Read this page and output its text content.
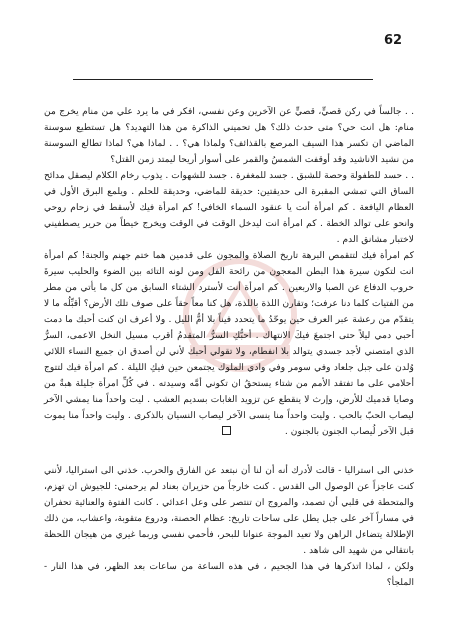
62

. . جالساً في ركن قصيٍّ، قصيٍّ عن الآخرين وعن نفسي، افكر في ما يرد علي من منام يخرج من منام: هل انت حي؟ متى حدث ذلك؟ هل تحميني الذاكرة من هذا التهديد؟ هل تستطيع سوسنة الماضي ان تكسر هذا السيف المرصع بالقذائف؟ ولماذا هي؟ . . لماذا هي؟ لماذا تطالع السوسنة من نشيد الاناشيد وقد أوقفت الشمسُ والقمر على أسوار أريحا ليمتد زمن القتل؟

. . حسد للطفولة وحصة للشبق . جسد للمغفرة . جسد للشهوات . يذوب رخام الكلام ليصقل مدائح الساق التي تمشي المقبرة الى حديقتين: حديقة للماضي، وحديقة للحلم . ويلمع البرق الأول في العظام اليافعة . كم امرأة أنت يا عنقود السماء الخافي! كم امرأة فيك لأسقط في زحام روحي وانحو على توالد الخطة . كم امرأة انت ليدخل الوقت في الوقت ويخرج خيطاً من حرير يصطفيني لاختبار مشانق الدم .

كم امرأة فيك لتتقمص البرهة تاريخ الصلاة والمجون على قدمين هما ختم جهنم والجنة! كم امرأة انت لتكون سيرة هذا البطن المعجون من رائحة الفل ومن لونه التائه بين الضوء والحليب سيرةَ حروب الدفاع عن الصبا والاربعين . كم امرأة أنت لأسترد الشتاء السابق من كل ما يأتي من مطر من الفتيات كلما دنا عرفت؛ وتقارن اللذة باللذة، هل كنا معاً حقاً على صوف تلك الأرض؟ أقبِّلُه ما لا يتقدّم من رعشة عبر العرف حين يوحّدُ ما يتحدد فيناً بلا أمُّ الليل . ولا أعرف ان كنت أحبك ما دمت أحبي دمي ليلاً حتى اجتمعَ فيكَ الانتهاك . أحبُّكِ السرُّ المتقدمُ أقرب مسيل النخل الاعمى، السرُّ الذي امتصني لأجد جسدي يتوالد بلا انفطام، ولا تقولي أحبك لأني لن أصدق ان جميع النساء اللائي وُلدن على جبل جلعاد وفي سومر وفي وادي الملوك يجتمعن حين فيكِ الليلة . كم امرأة فيك لتتوج أحلامي على ما تفتقد الأمم من شتاء يستحقُ ان تكوني أمَّه وسيدته . في كُلِّ امرأة جليلة هبةٌ من وصايا قدميك للأرض، وإرث لا ينقطع عن تزويد الغابات بسديم العشب . ليت واحداً منا يمشي الآخر ليصاب الحبّ بالحب . وليت واحداً منا ينسى الآخر ليصاب النسيان بالذكرى . وليت واحداً منا يموت قبل الآخر لُيصاب الجنون بالجنون .

خذني الى استراليا - قالت لأدرك أنه أن لنا أن نبتعد عن الفارق والحرب. خذني الى استراليا، لأنني كنت عاجزاً عن الوصول الى القدس . كنت خارجاً من حزيران بعناد لم يرحمني: للجيوش ان تهزم، والمتحطة في قلبي أن تصمد، والمروج ان تنتصر على وعل اعدائي . كانت الفتوة والعنائية تحفران في مساراً آخر على جبل يطل على ساحات تاريخ: عظام الحصنة، ودروع متقوبة، واعشاب، من ذلك الإطلالة يتضاءل الراهن ولا تعيد الموجة عنوانا للبحر، فأحمي نفسي وربما غيري من هيجان اللحظة بانتقالي من شهيد الى شاهد .

ولكن ، لماذا اتذكرها في هذا الجحيم ، في هذه الساعة من ساعات بعد الظهر، في هذا النار - الملجأ؟
